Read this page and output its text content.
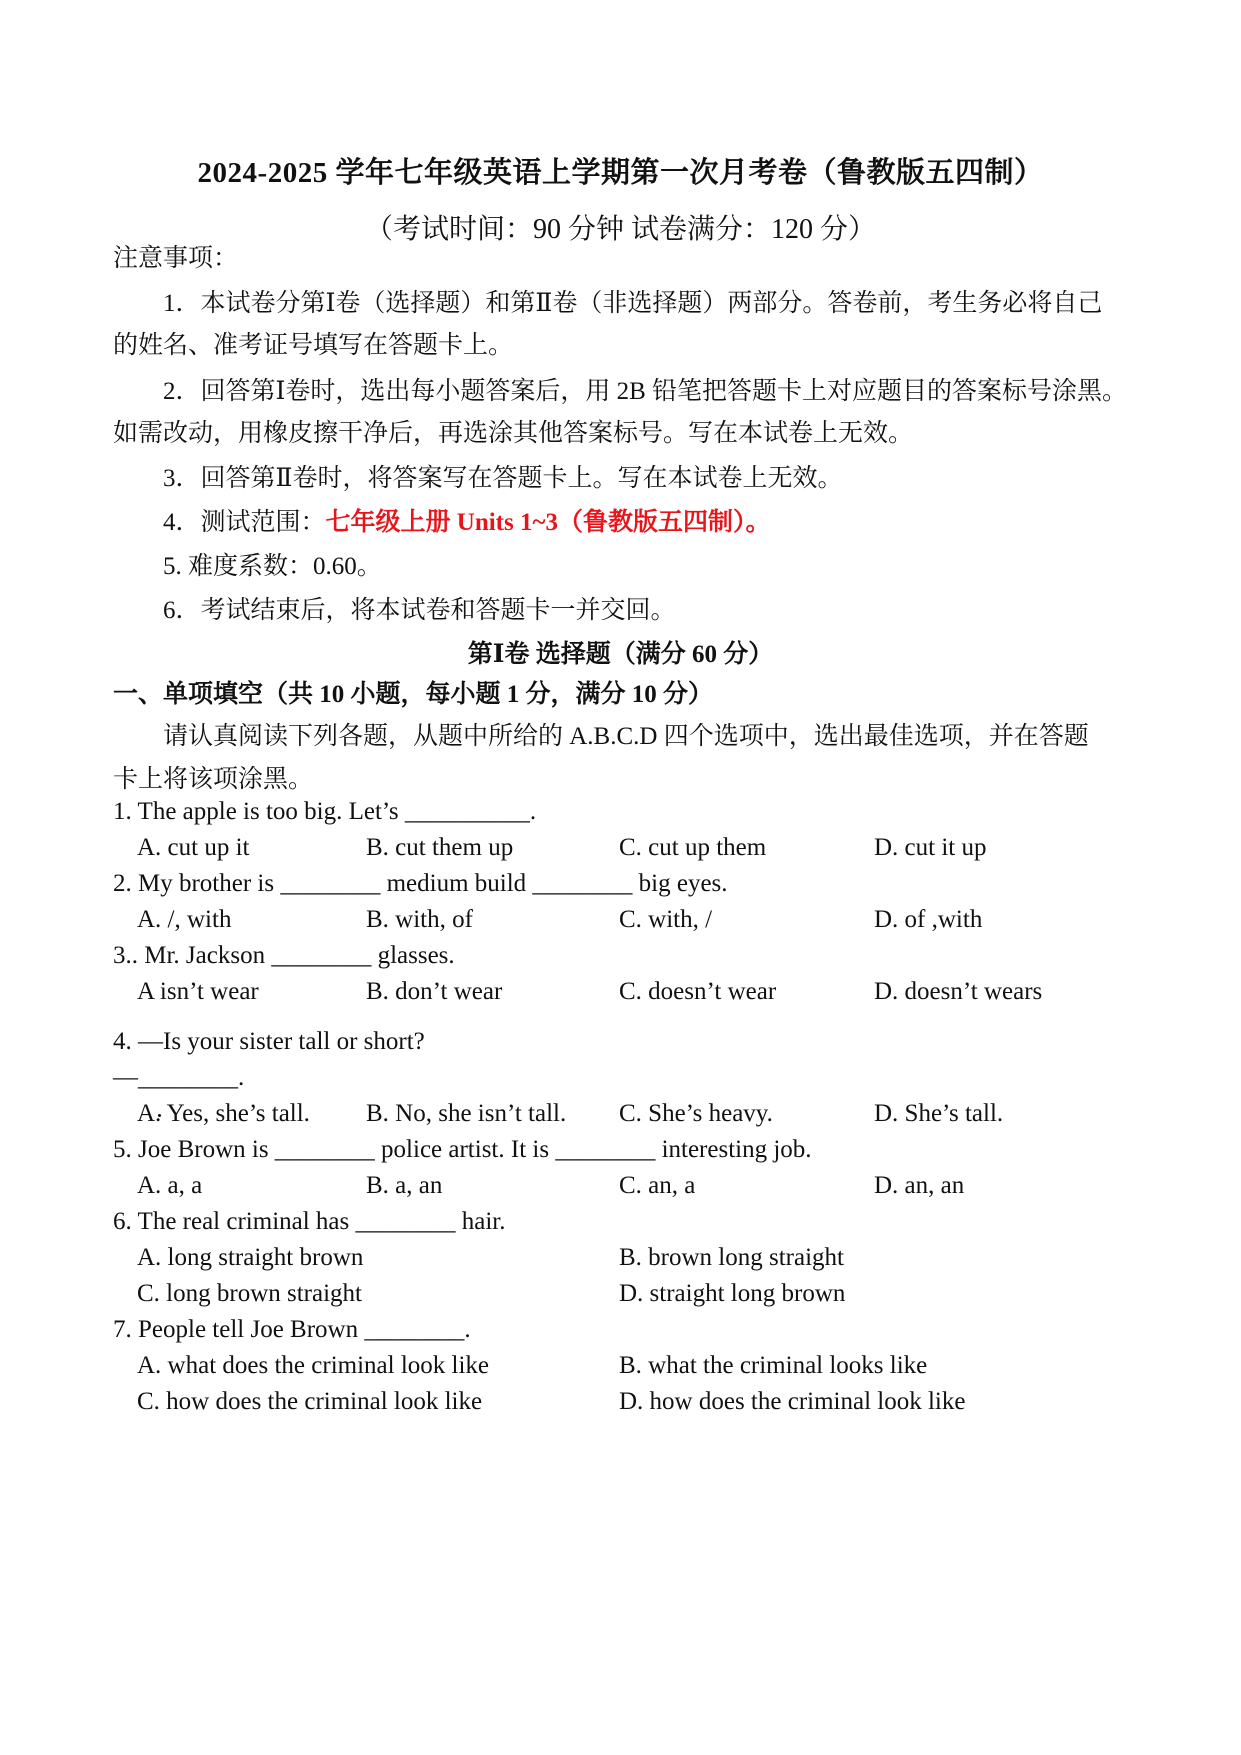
2024-2025 学年七年级英语上学期第一次月考卷（鲁教版五四制）
（考试时间：90 分钟 试卷满分：120 分）
注意事项：
1．本试卷分第Ⅰ卷（选择题）和第Ⅱ卷（非选择题）两部分。答卷前，考生务必将自己
的姓名、准考证号填写在答题卡上。
2．回答第Ⅰ卷时，选出每小题答案后，用 2B 铅笔把答题卡上对应题目的答案标号涂黑。
如需改动，用橡皮擦干净后，再选涂其他答案标号。写在本试卷上无效。
3．回答第Ⅱ卷时，将答案写在答题卡上。写在本试卷上无效。
4．测试范围：七年级上册 Units 1~3（鲁教版五四制）。
5. 难度系数：0.60。
6．考试结束后，将本试卷和答题卡一并交回。
第Ⅰ卷 选择题（满分 60 分）
一、单项填空（共 10 小题，每小题 1 分，满分 10 分）
请认真阅读下列各题，从题中所给的 A.B.C.D 四个选项中，选出最佳选项，并在答题
卡上将该项涂黑。
1. The apple is too big. Let’s __________.
A. cut up it	B. cut them up	C. cut up them	D. cut it up
2. My brother is ________ medium build ________ big eyes.
A. /, with	B. with, of	C. with, /	D. of ,with
3.. Mr. Jackson ________ glasses.
A isn’t wear	B. don’t wear	C. doesn’t wear	D. doesn’t wears
4. —Is your sister tall or short?
—________.
A. Yes, she’s tall. B. No, she isn’t tall. C. She’s heavy.	D. She’s tall.
5. Joe Brown is ________ police artist. It is ________ interesting job.
A. a, a	B. a, an	C. an, a	D. an, an
6. The real criminal has ________ hair.
A. long straight brown	B. brown long straight
C. long brown straight	D. straight long brown
7. People tell Joe Brown ________.
A. what does the criminal look like	B. what the criminal looks like
C. how does the criminal look like	D. how does the criminal look like
